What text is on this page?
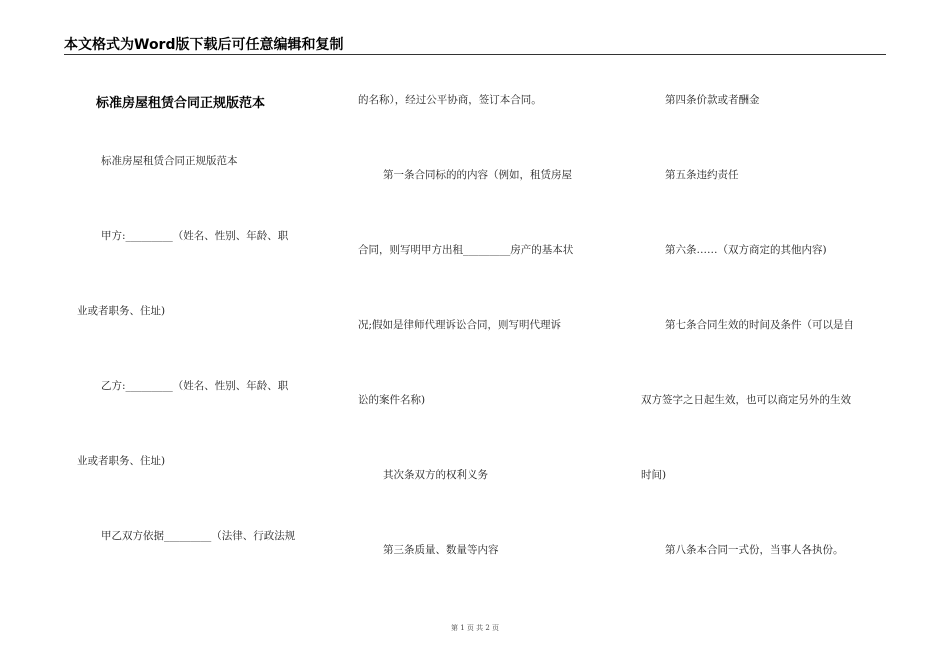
本文格式为Word版下载后可任意编辑和复制
标准房屋租赁合同正规版范本
标准房屋租赁合同正规版范本
甲方:_________（姓名、性别、年龄、职
业或者职务、住址)
乙方:_________（姓名、性别、年龄、职
业或者职务、住址)
甲乙双方依据_________（法律、行政法规
的名称），经过公平协商，签订本合同。
第一条合同标的的内容（例如，租赁房屋
合同，则写明甲方出租_________房产的基本状
况;假如是律师代理诉讼合同，则写明代理诉
讼的案件名称)
其次条双方的权利义务
第三条质量、数量等内容
第四条价款或者酬金
第五条违约责任
第六条……（双方商定的其他内容)
第七条合同生效的时间及条件（可以是自
双方签字之日起生效，也可以商定另外的生效
时间)
第八条本合同一式份，当事人各执份。
第 1 页 共 2 页
